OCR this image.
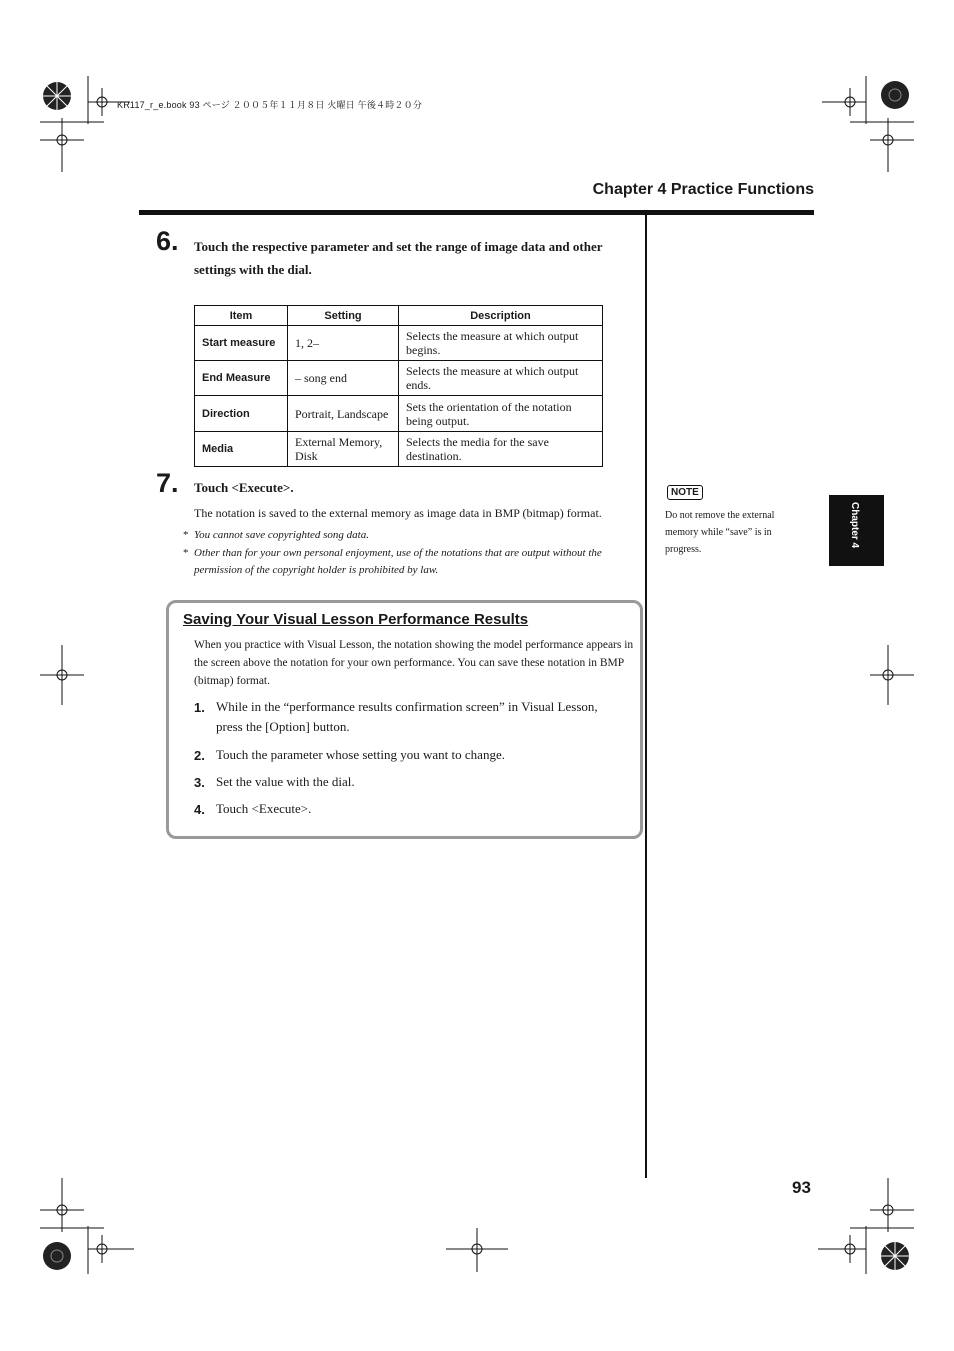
KR117_r_e.book 93 ページ ２００５年１１月８日 火曜日 午後４時２０分
Chapter 4 Practice Functions
6. Touch the respective parameter and set the range of image data and other settings with the dial.
Item	Setting	Description
Start measure	1, 2–	Selects the measure at which output begins.
End Measure	– song end	Selects the measure at which output ends.
Direction	Portrait, Landscape	Sets the orientation of the notation being output.
Media	External Memory, Disk	Selects the media for the save destination.
7. Touch <Execute>.
The notation is saved to the external memory as image data in BMP (bitmap) format.
* You cannot save copyrighted song data.
* Other than for your own personal enjoyment, use of the notations that are output without the permission of the copyright holder is prohibited by law.
NOTE
Do not remove the external memory while “save” is in progress.
Chapter 4
Saving Your Visual Lesson Performance Results
When you practice with Visual Lesson, the notation showing the model performance appears in the screen above the notation for your own performance. You can save these notation in BMP (bitmap) format.
1. While in the “performance results confirmation screen” in Visual Lesson, press the [Option] button.
2. Touch the parameter whose setting you want to change.
3. Set the value with the dial.
4. Touch <Execute>.
93
